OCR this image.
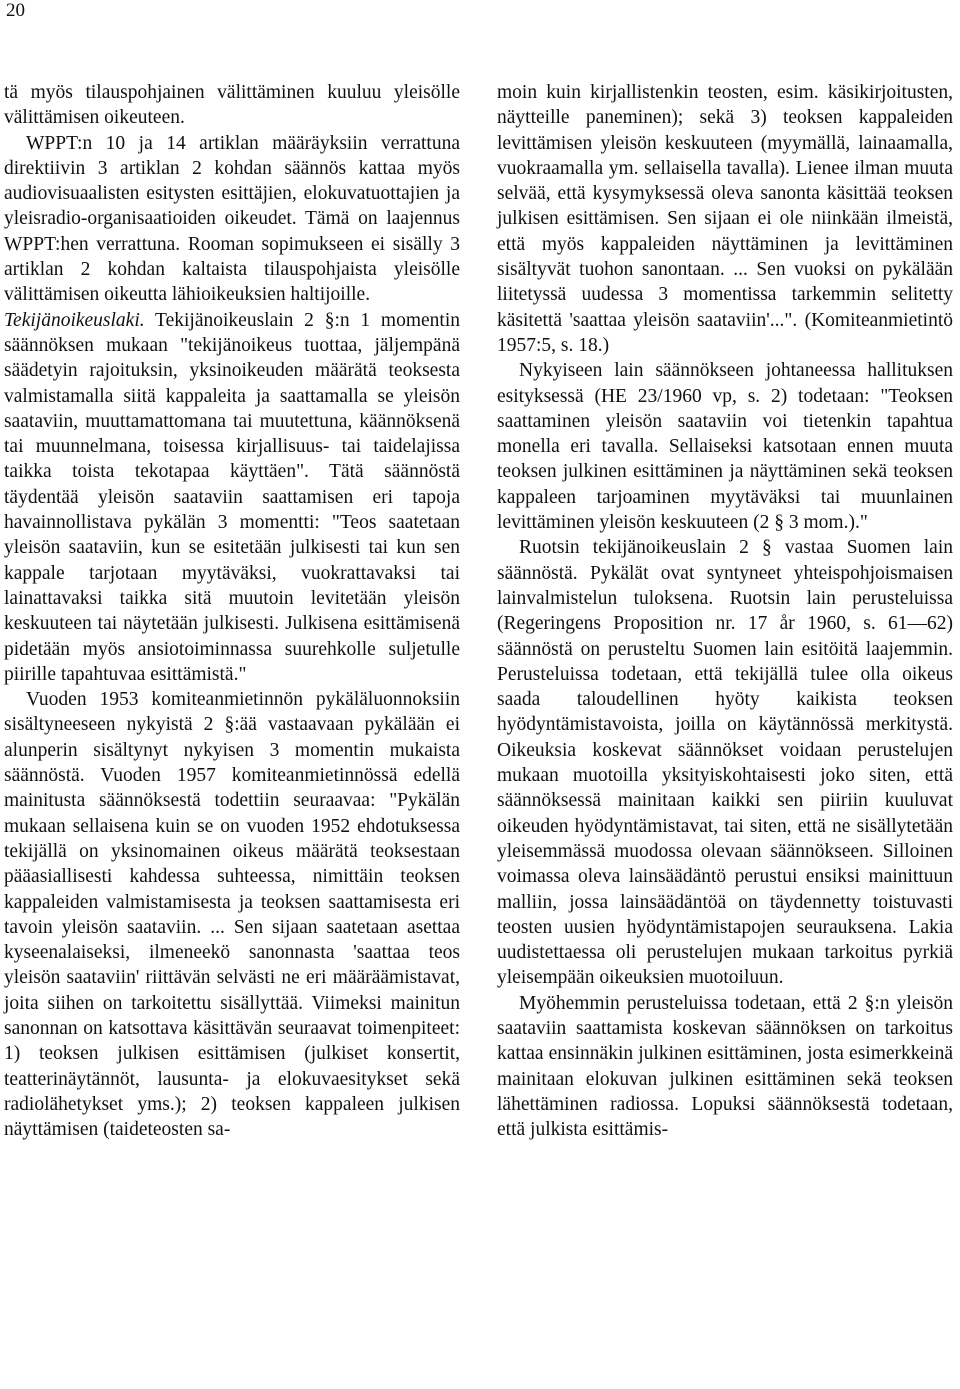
20

tä myös tilauspohjainen välittäminen kuuluu yleisölle välittämisen oikeuteen.

WPPT:n 10 ja 14 artiklan määräyksiin verrattuna direktiivin 3 artiklan 2 kohdan säännös kattaa myös audiovisuaalisten esitysten esittäjien, elokuvatuottajien ja yleisradio-organisaatioiden oikeudet. Tämä on laajennus WPPT:hen verrattuna. Rooman sopimukseen ei sisälly 3 artiklan 2 kohdan kaltaista tilauspohjaista yleisölle välittämisen oikeutta lähioikeuksien haltijoille.

Tekijänoikeuslaki. Tekijänoikeuslain 2 §:n 1 momentin säännöksen mukaan "tekijänoikeus tuottaa, jäljempänä säädetyin rajoituksin, yksinoikeuden määrätä teoksesta valmistamalla siitä kappaleita ja saattamalla se yleisön saataviin, muuttamattomana tai muutettuna, käännöksenä tai muunnelmana, toisessa kirjallisuus- tai taidelajissa taikka toista tekotapaa käyttäen". Tätä säännöstä täydentää yleisön saataviin saattamisen eri tapoja havainnollistava pykälän 3 momentti: "Teos saatetaan yleisön saataviin, kun se esitetään julkisesti tai kun sen kappale tarjotaan myytäväksi, vuokrattavaksi tai lainattavaksi taikka sitä muutoin levitetään yleisön keskuuteen tai näytetään julkisesti. Julkisena esittämisenä pidetään myös ansiotoiminnassa suurehkolle suljetulle piirille tapahtuvaa esittämistä."

Vuoden 1953 komiteanmietinnön pykäläluonnoksiin sisältyneeseen nykyistä 2 §:ää vastaavaan pykälään ei alunperin sisältynyt nykyisen 3 momentin mukaista säännöstä. Vuoden 1957 komiteanmietinnössä edellä mainitusta säännöksestä todettiin seuraavaa: "Pykälän mukaan sellaisena kuin se on vuoden 1952 ehdotuksessa tekijällä on yksinomainen oikeus määrätä teoksestaan pääasiallisesti kahdessa suhteessa, nimittäin teoksen kappaleiden valmistamisesta ja teoksen saattamisesta eri tavoin yleisön saataviin. ... Sen sijaan saatetaan asettaa kyseenalaiseksi, ilmeneekö sanonnasta 'saattaa teos yleisön saataviin' riittävän selvästi ne eri määräämistavat, joita siihen on tarkoitettu sisällyttää. Viimeksi mainitun sanonnan on katsottava käsittävän seuraavat toimenpiteet: 1) teoksen julkisen esittämisen (julkiset konsertit, teatterinäytännöt, lausunta- ja elokuvaesitykset sekä radiolähetykset yms.); 2) teoksen kappaleen julkisen näyttämisen (taideteosten sa-

moin kuin kirjallistenkin teosten, esim. käsikirjoitusten, näytteille paneminen); sekä 3) teoksen kappaleiden levittämisen yleisön keskuuteen (myymällä, lainaamalla, vuokraamalla ym. sellaisella tavalla). Lienee ilman muuta selvää, että kysymyksessä oleva sanonta käsittää teoksen julkisen esittämisen. Sen sijaan ei ole niinkään ilmeistä, että myös kappaleiden näyttäminen ja levittäminen sisältyvät tuohon sanontaan. ... Sen vuoksi on pykälään liitetyssä uudessa 3 momentissa tarkemmin selitetty käsitettä 'saattaa yleisön saataviin'...". (Komiteanmietintö 1957:5, s. 18.)

Nykyiseen lain säännökseen johtaneessa hallituksen esityksessä (HE 23/1960 vp, s. 2) todetaan: "Teoksen saattaminen yleisön saataviin voi tietenkin tapahtua monella eri tavalla. Sellaiseksi katsotaan ennen muuta teoksen julkinen esittäminen ja näyttäminen sekä teoksen kappaleen tarjoaminen myytäväksi tai muunlainen levittäminen yleisön keskuuteen (2 § 3 mom.)."

Ruotsin tekijänoikeuslain 2 § vastaa Suomen lain säännöstä. Pykälät ovat syntyneet yhteispohjoismaisen lainvalmistelun tuloksena. Ruotsin lain perusteluissa (Regeringens Proposition nr. 17 år 1960, s. 61—62) säännöstä on perusteltu Suomen lain esitöitä laajemmin. Perusteluissa todetaan, että tekijällä tulee olla oikeus saada taloudellinen hyöty kaikista teoksen hyödyntämistavoista, joilla on käytännössä merkitystä. Oikeuksia koskevat säännökset voidaan perustelujen mukaan muotoilla yksityiskohtaisesti joko siten, että säännöksessä mainitaan kaikki sen piiriin kuuluvat oikeuden hyödyntämistavat, tai siten, että ne sisällytetään yleisemmässä muodossa olevaan säännökseen. Silloinen voimassa oleva lainsäädäntö perustui ensiksi mainittuun malliin, jossa lainsäädäntöä on täydennetty toistuvasti teosten uusien hyödyntämistapojen seurauksena. Lakia uudistettaessa oli perustelujen mukaan tarkoitus pyrkiä yleisempään oikeuksien muotoiluun.

Myöhemmin perusteluissa todetaan, että 2 §:n yleisön saataviin saattamista koskevan säännöksen on tarkoitus kattaa ensinnäkin julkinen esittäminen, josta esimerkkeinä mainitaan elokuvan julkinen esittäminen sekä teoksen lähettäminen radiossa. Lopuksi säännöksestä todetaan, että julkista esittämis-
